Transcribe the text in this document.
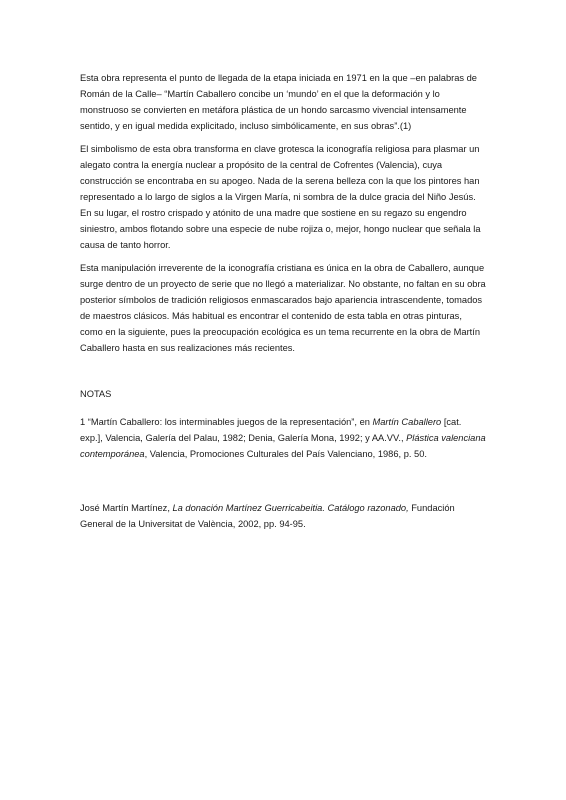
Esta obra representa el punto de llegada de la etapa iniciada en 1971 en la que –en palabras de Román de la Calle– “Martín Caballero concibe un ‘mundo’ en el que la deformación y lo monstruoso se convierten en metáfora plástica de un hondo sarcasmo vivencial intensamente sentido, y en igual medida explicitado, incluso simbólicamente, en sus obras”.(1)

El simbolismo de esta obra transforma en clave grotesca la iconografía religiosa para plasmar un alegato contra la energía nuclear a propósito de la central de Cofrentes (Valencia), cuya construcción se encontraba en su apogeo. Nada de la serena belleza con la que los pintores han representado a lo largo de siglos a la Virgen María, ni sombra de la dulce gracia del Niño Jesús. En su lugar, el rostro crispado y atónito de una madre que sostiene en su regazo su engendro siniestro, ambos flotando sobre una especie de nube rojiza o, mejor, hongo nuclear que señala la causa de tanto horror.

Esta manipulación irreverente de la iconografía cristiana es única en la obra de Caballero, aunque surge dentro de un proyecto de serie que no llegó a materializar. No obstante, no faltan en su obra posterior símbolos de tradición religiosos enmascarados bajo apariencia intrascendente, tomados de maestros clásicos. Más habitual es encontrar el contenido de esta tabla en otras pinturas, como en la siguiente, pues la preocupación ecológica es un tema recurrente en la obra de Martín Caballero hasta en sus realizaciones más recientes.

NOTAS

1 “Martín Caballero: los interminables juegos de la representación”, en Martín Caballero [cat. exp.], Valencia, Galería del Palau, 1982; Denia, Galería Mona, 1992; y AA.VV., Plástica valenciana contemporánea, Valencia, Promociones Culturales del País Valenciano, 1986, p. 50.

José Martín Martínez, La donación Martínez Guerricabeitia. Catálogo razonado, Fundación General de la Universitat de València, 2002, pp. 94-95.
